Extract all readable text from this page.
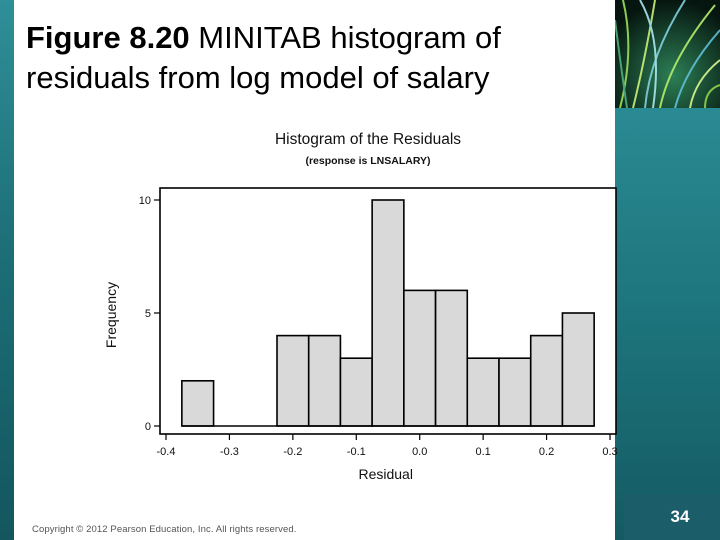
Figure 8.20 MINITAB histogram of residuals from log model of salary
Histogram of the Residuals
(response is LNSALARY)
0
5
10
-0.4	-0.3	-0.2	-0.1	0.0	0.1	0.2	0.3
Residual
Frequency
Copyright © 2012 Pearson Education, Inc. All rights reserved.
34
